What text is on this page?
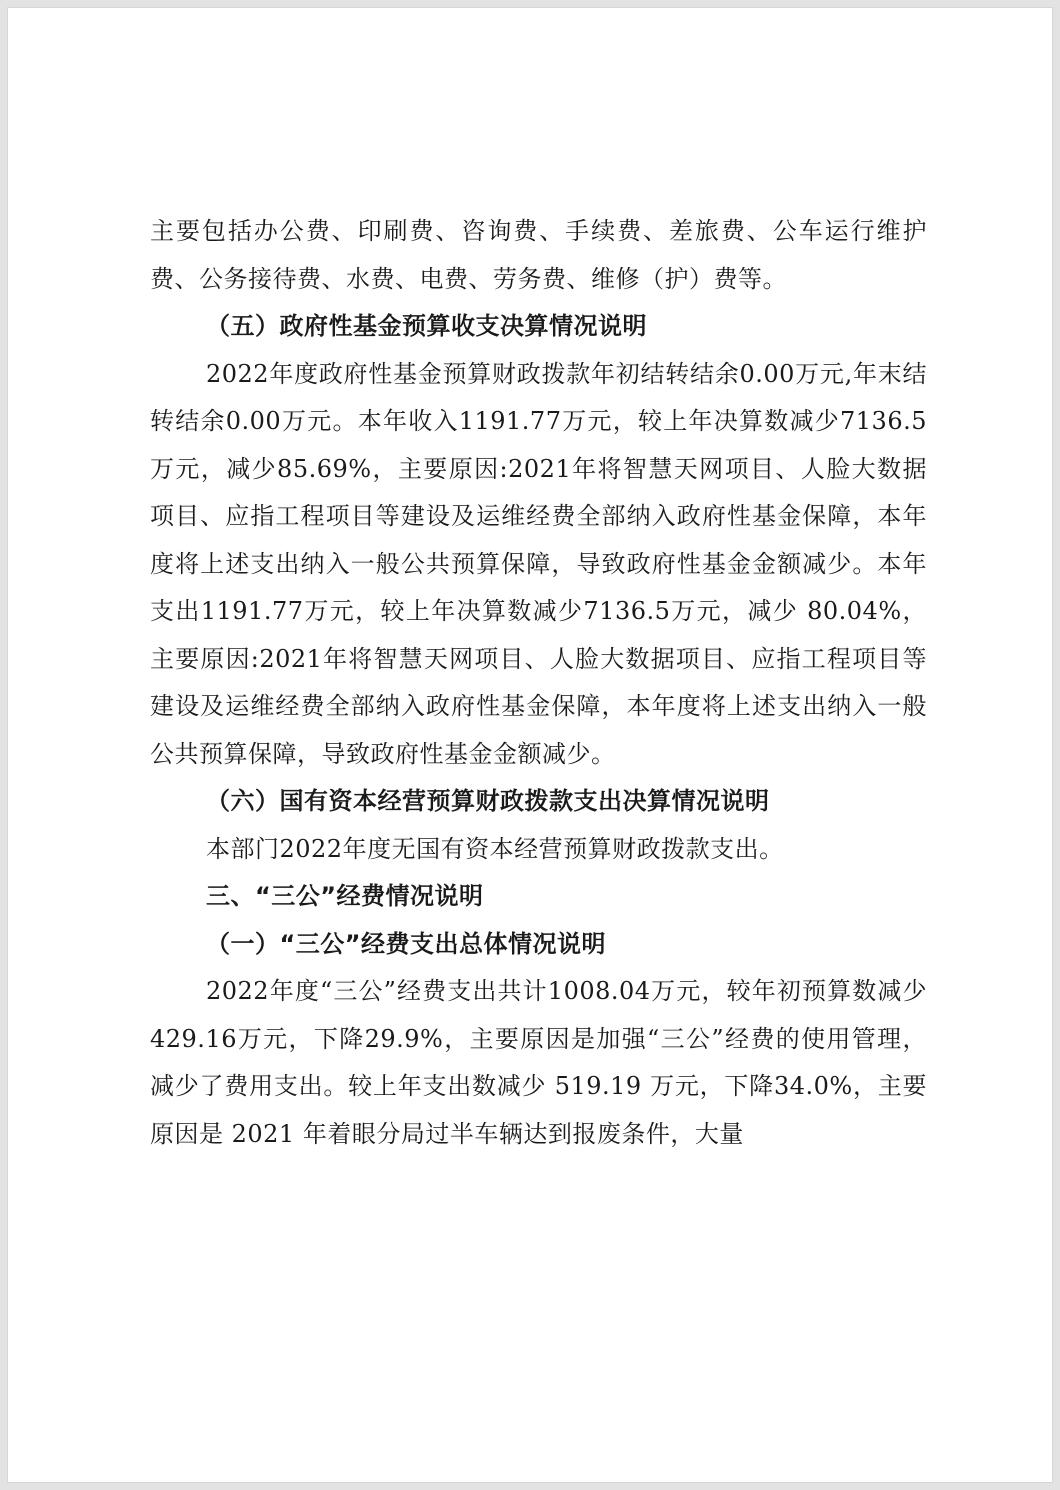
主要包括办公费、印刷费、咨询费、手续费、差旅费、公车运行维护费、公务接待费、水费、电费、劳务费、维修（护）费等。

（五）政府性基金预算收支决算情况说明

2022年度政府性基金预算财政拨款年初结转结余0.00万元,年末结转结余0.00万元。本年收入1191.77万元，较上年决算数减少7136.5万元，减少85.69%，主要原因:2021年将智慧天网项目、人脸大数据项目、应指工程项目等建设及运维经费全部纳入政府性基金保障，本年度将上述支出纳入一般公共预算保障，导致政府性基金金额减少。本年支出1191.77万元，较上年决算数减少7136.5万元，减少 80.04%，主要原因:2021年将智慧天网项目、人脸大数据项目、应指工程项目等建设及运维经费全部纳入政府性基金保障，本年度将上述支出纳入一般公共预算保障，导致政府性基金金额减少。

（六）国有资本经营预算财政拨款支出决算情况说明

本部门2022年度无国有资本经营预算财政拨款支出。

三、“三公”经费情况说明

（一）“三公”经费支出总体情况说明

2022年度“三公”经费支出共计1008.04万元，较年初预算数减少429.16万元，下降29.9%，主要原因是加强“三公”经费的使用管理，减少了费用支出。较上年支出数减少 519.19 万元，下降34.0%，主要原因是 2021 年着眼分局过半车辆达到报废条件，大量
